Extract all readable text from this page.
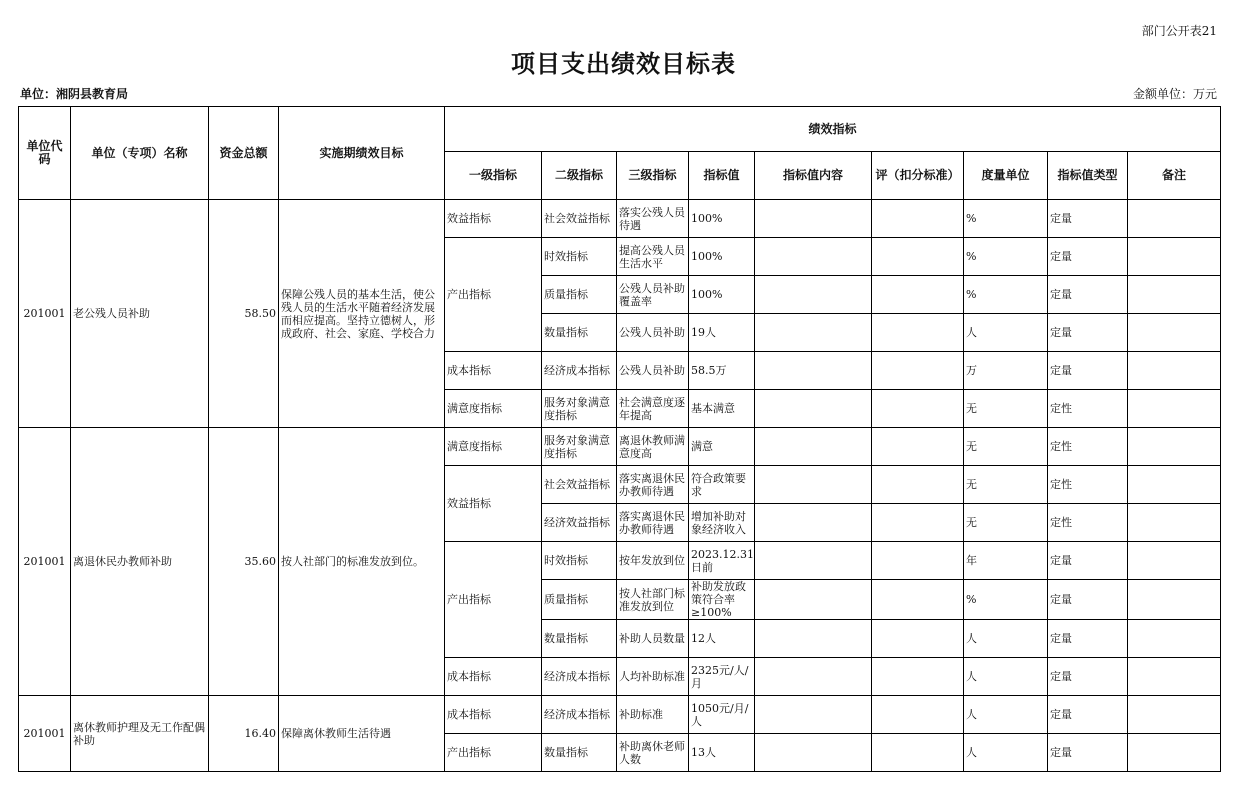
部门公开表21
项目支出绩效目标表
单位：湘阴县教育局	金额单位：万元
单位代码	单位（专项）名称	资金总额	实施期绩效目标	绩效指标								
				一级指标	二级指标	三级指标	指标值	指标值内容	评（扣分标准）	度量单位	指标值类型	备注
201001	老公残人员补助	58.50	保障公残人员的基本生活，使公残人员的生活水平随着经济发展而相应提高。坚持立德树人，形成政府、社会、家庭、学校合力	效益指标	社会效益指标	落实公残人员待遇	100%			%	定量	
				产出指标	时效指标	提高公残人员生活水平	100%			%	定量	
					质量指标	公残人员补助覆盖率	100%			%	定量	
					数量指标	公残人员补助	19人			人	定量	
				成本指标	经济成本指标	公残人员补助	58.5万			万	定量	
				满意度指标	服务对象满意度指标	社会满意度逐年提高	基本满意			无	定性	
201001	离退休民办教师补助	35.60	按人社部门的标准发放到位。	满意度指标	服务对象满意度指标	离退休教师满意度高	满意			无	定性	
				效益指标	社会效益指标	落实离退休民办教师待遇	符合政策要求			无	定性	
					经济效益指标	落实离退休民办教师待遇	增加补助对象经济收入			无	定性	
				产出指标	时效指标	按年发放到位	2023.12.31日前			年	定量	
					质量指标	按人社部门标准发放到位	补助发放政策符合率 ≥100%			%	定量	
					数量指标	补助人员数量	12人			人	定量	
				成本指标	经济成本指标	人均补助标准	2325元/人/月			人	定量	
201001	离休教师护理及无工作配偶补助	16.40	保障离休教师生活待遇	成本指标	经济成本指标	补助标准	1050元/月/人			人	定量	
				产出指标	数量指标	补助离休老师人数	13人			人	定量	
